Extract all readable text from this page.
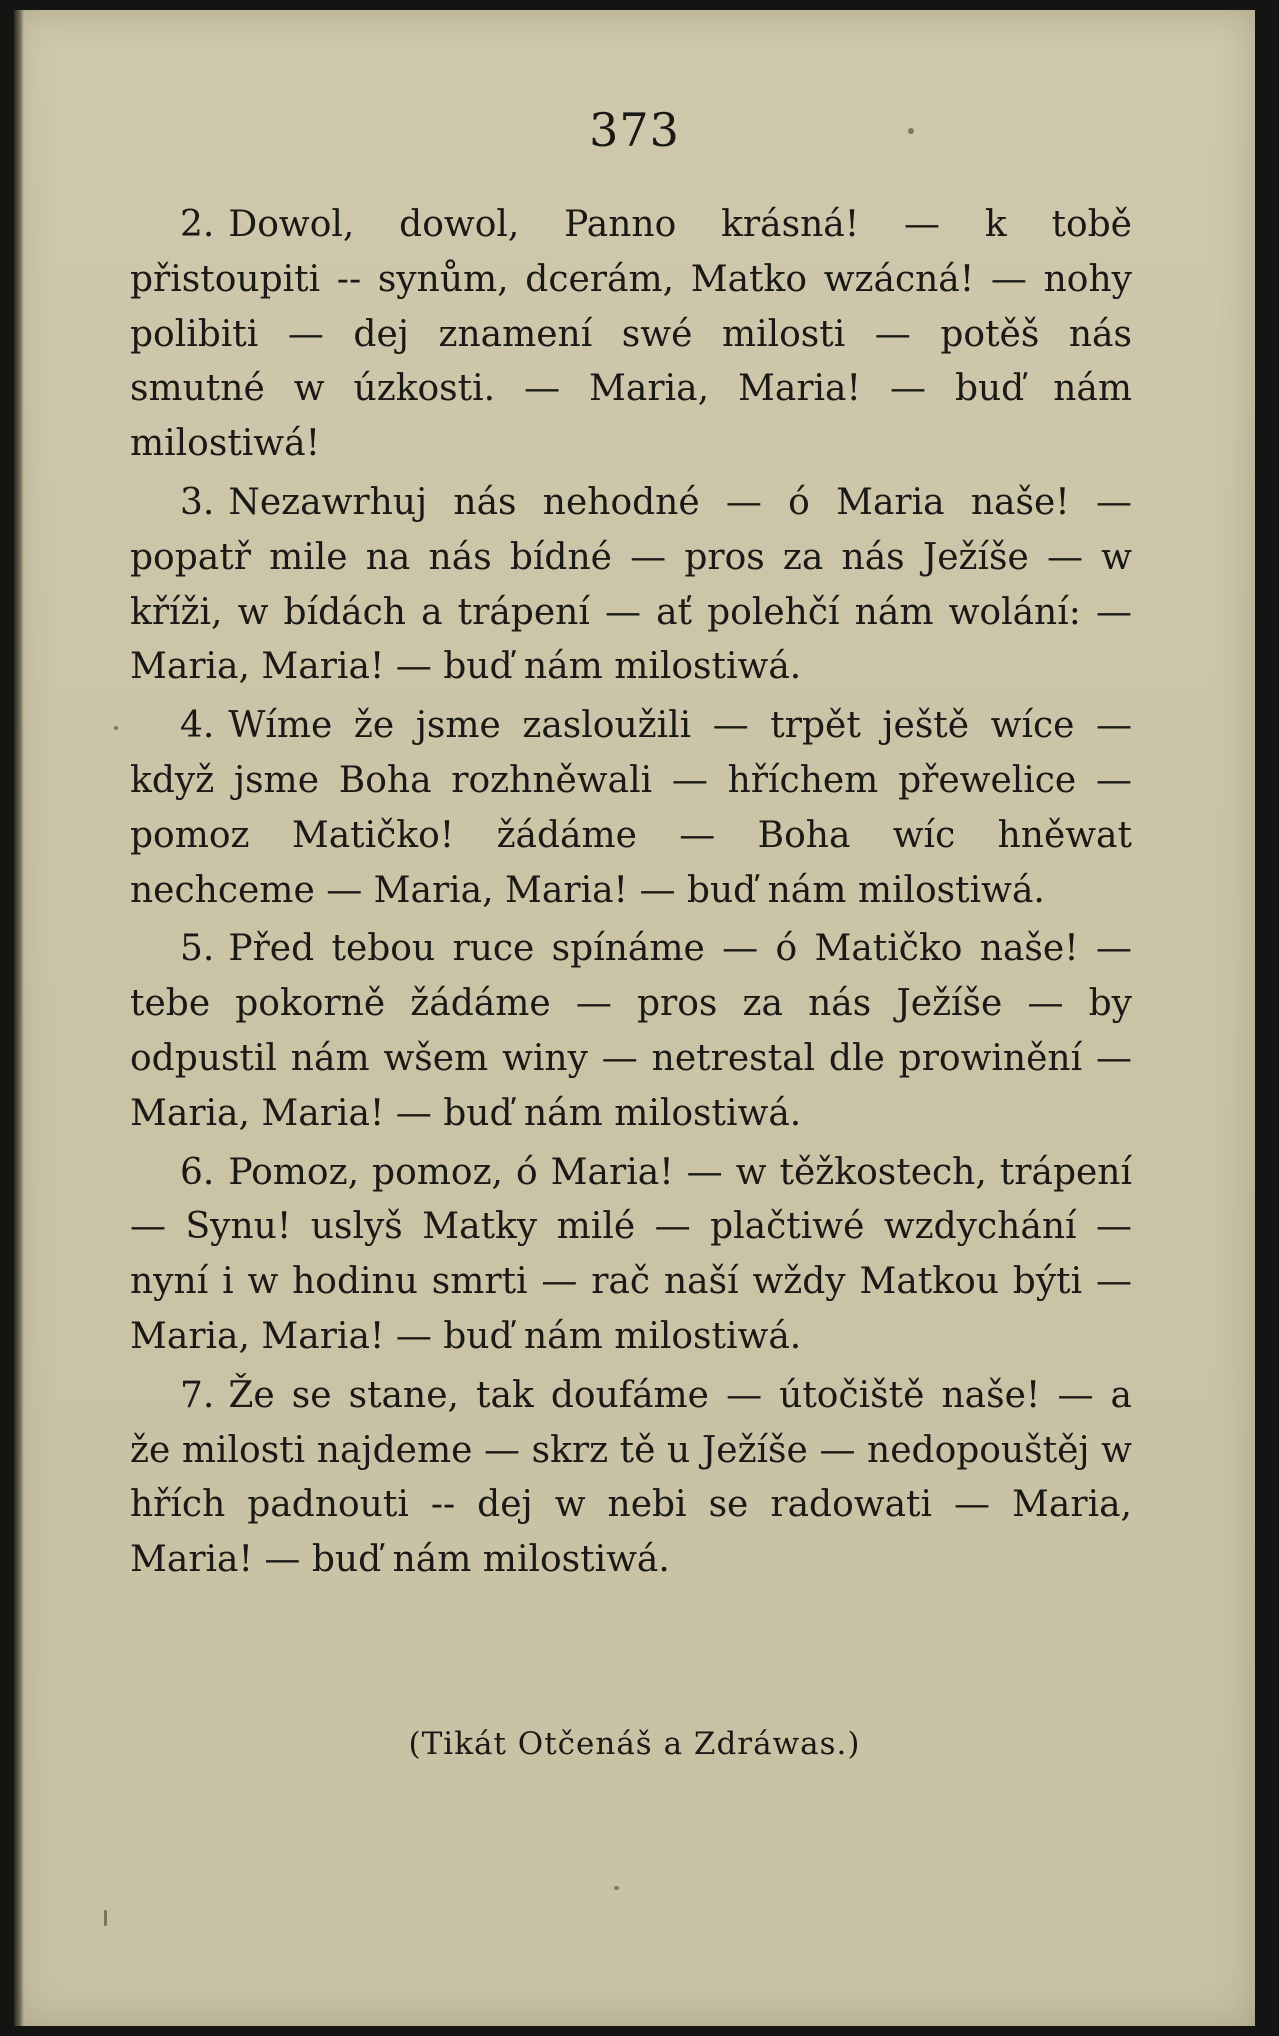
373

2. Dowol, dowol, Panno krásná! — k tobě přistoupiti -- synům, dcerám, Matko wzácná! — nohy polibiti — dej znamení swé milosti — potěš nás smutné w úzkosti. — Maria, Maria! — buď nám milostiwá!

3. Nezawrhuj nás nehodné — ó Maria naše! — popatř mile na nás bídné — pros za nás Ježíše — w kříži, w bídách a trápení — ať polehčí nám wolání: — Maria, Maria! — buď nám milostiwá.

4. Wíme že jsme zasloužili — trpět ještě wíce — když jsme Boha rozhněwali — hříchem přewelice — pomoz Matičko! žádáme — Boha wíc hněwat nechceme — Maria, Maria! — buď nám milostiwá.

5. Před tebou ruce spínáme — ó Matičko naše! — tebe pokorně žádáme — pros za nás Ježíše — by odpustil nám wšem winy — netrestal dle prowinění — Maria, Maria! — buď nám milostiwá.

6. Pomoz, pomoz, ó Maria! — w těžkostech, trápení — Synu! uslyš Matky milé — plačtiwé wzdychání — nyní i w hodinu smrti — rač naší wždy Matkou býti — Maria, Maria! — buď nám milostiwá.

7. Že se stane, tak doufáme — útočiště naše! — a že milosti najdeme — skrz tě u Ježíše — nedopouštěj w hřích padnouti -- dej w nebi se radowati — Maria, Maria! — buď nám milostiwá.

(Tikát Otčenáš a Zdráwas.)
